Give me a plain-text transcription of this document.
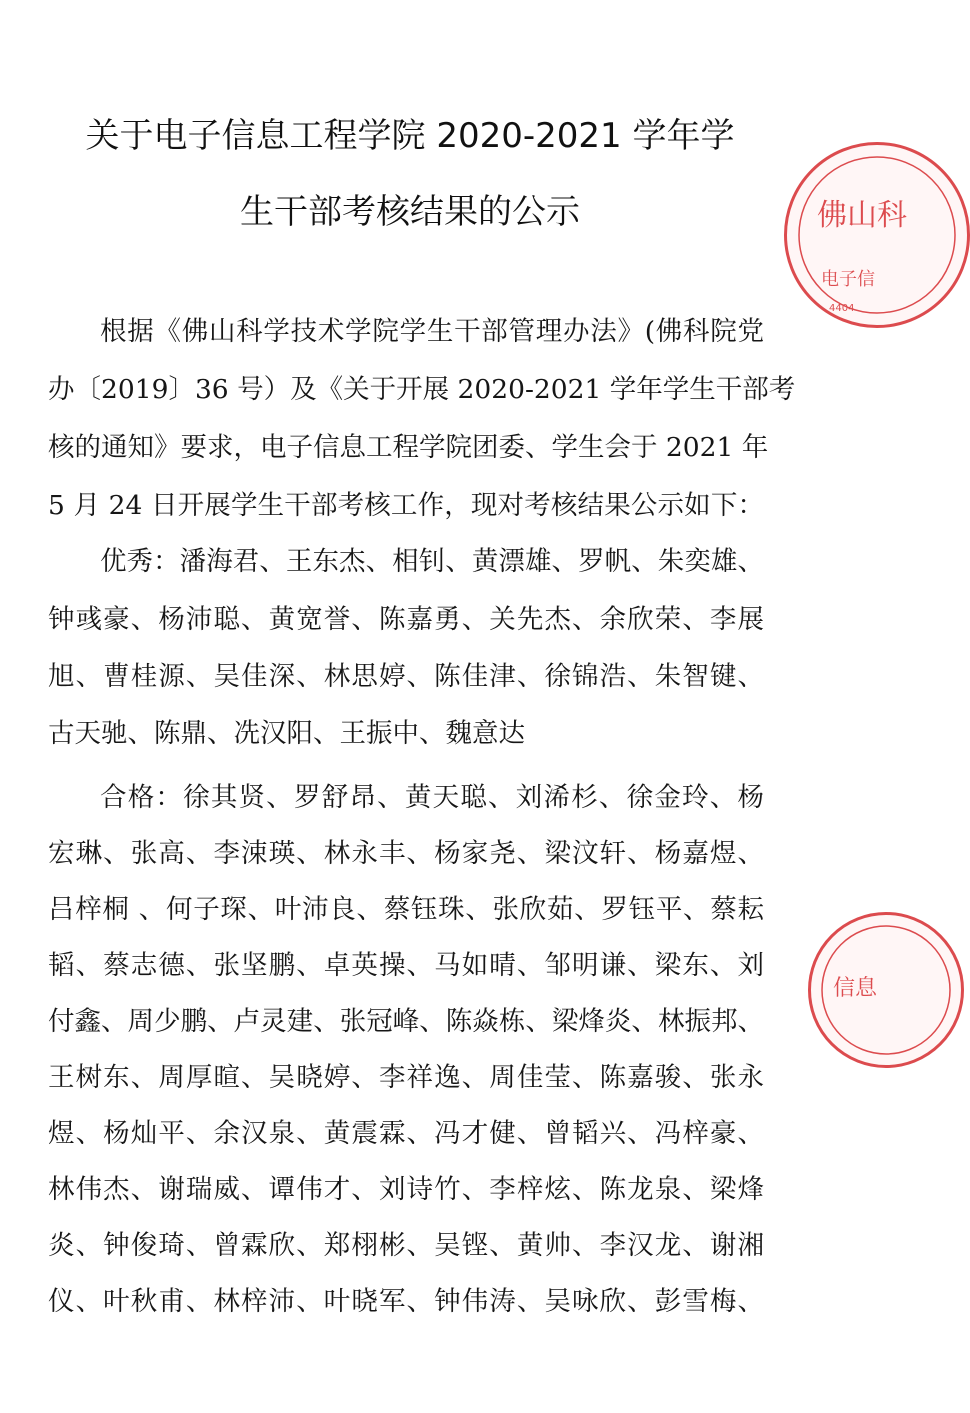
关于电子信息工程学院 2020-2021 学年学
生干部考核结果的公示
根据《佛山科学技术学院学生干部管理办法》(佛科院党
办〔2019〕36 号）及《关于开展 2020-2021 学年学生干部考
核的通知》要求，电子信息工程学院团委、学生会于 2021 年
5 月 24 日开展学生干部考核工作，现对考核结果公示如下：
优秀：潘海君、王东杰、相钊、黄漂雄、罗帆、朱奕雄、
钟彧豪、杨沛聪、黄宽誉、陈嘉勇、关先杰、余欣荣、李展
旭、曹桂源、吴佳深、林思婷、陈佳津、徐锦浩、朱智键、
古天驰、陈鼎、冼汉阳、王振中、魏意达
合格：徐其贤、罗舒昂、黄天聪、刘浠杉、徐金玲、杨
宏琳、张高、李涑瑛、林永丰、杨家尧、梁汶轩、杨嘉煜、
吕梓桐 、何子琛、叶沛良、蔡钰珠、张欣茹、罗钰平、蔡耘
韬、蔡志德、张坚鹏、卓英操、马如晴、邹明谦、梁东、刘
付鑫、周少鹏、卢灵建、张冠峰、陈焱栋、梁烽炎、林振邦、
王树东、周厚暄、吴晓婷、李祥逸、周佳莹、陈嘉骏、张永
煜、杨灿平、余汉泉、黄震霖、冯才健、曾韬兴、冯梓豪、
林伟杰、谢瑞威、谭伟才、刘诗竹、李梓炫、陈龙泉、梁烽
炎、钟俊琦、曾霖欣、郑栩彬、吴铿、黄帅、李汉龙、谢湘
仪、叶秋甫、林梓沛、叶晓军、钟伟涛、吴咏欣、彭雪梅、
佛山科
电子信
4404
信息
